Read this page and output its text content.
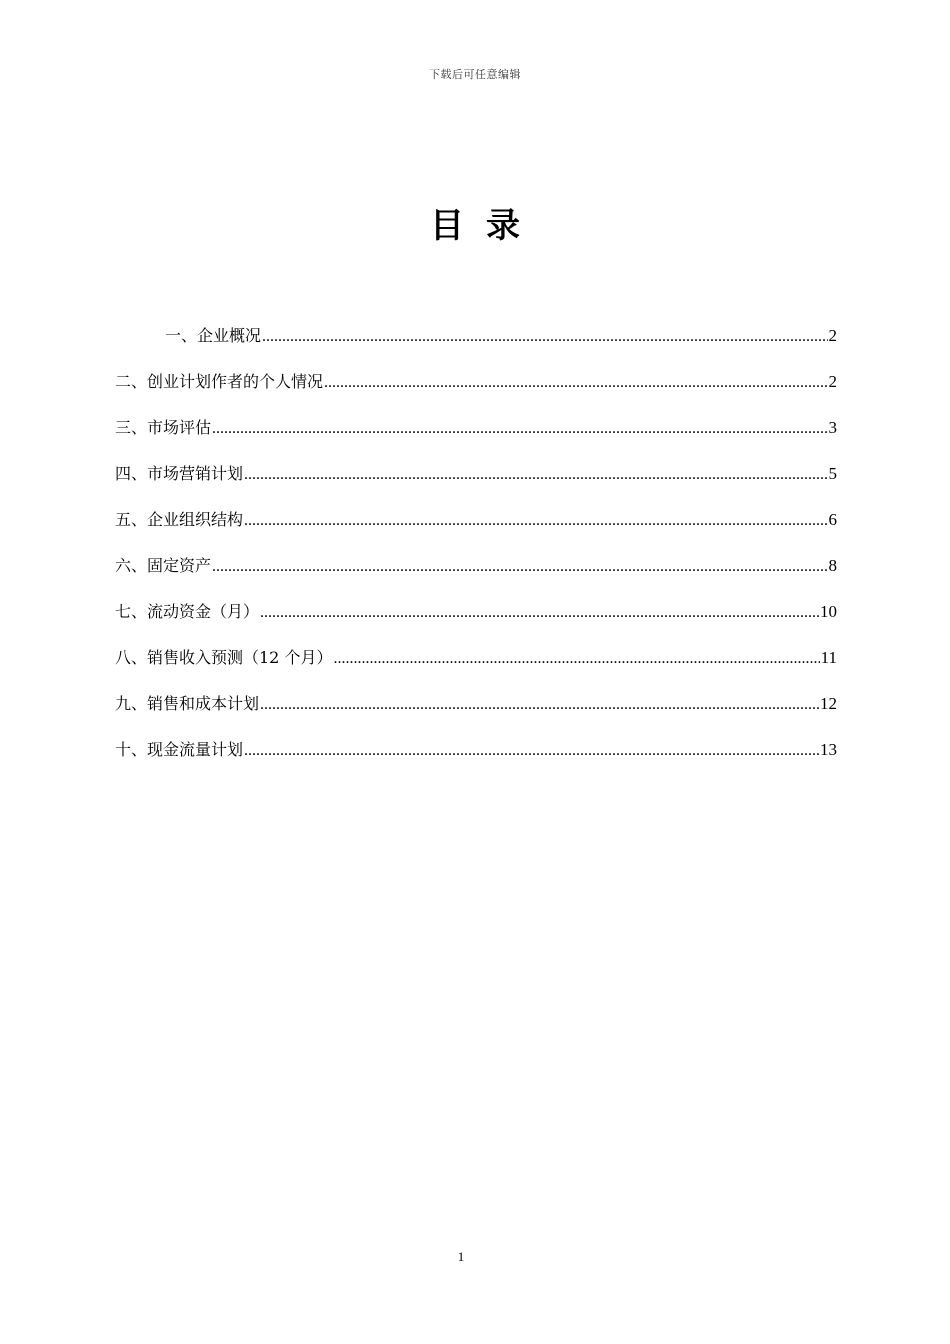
下载后可任意编辑
目录
一、企业概况 .....	2
二、创业计划作者的个人情况 .....	2
三、市场评估 .....	3
四、市场营销计划 .....	5
五、企业组织结构 .....	6
六、固定资产 .....	8
七、流动资金（月） .....	10
八、销售收入预测（12 个月） .....	11
九、销售和成本计划 .....	12
十、现金流量计划 .....	13
1
